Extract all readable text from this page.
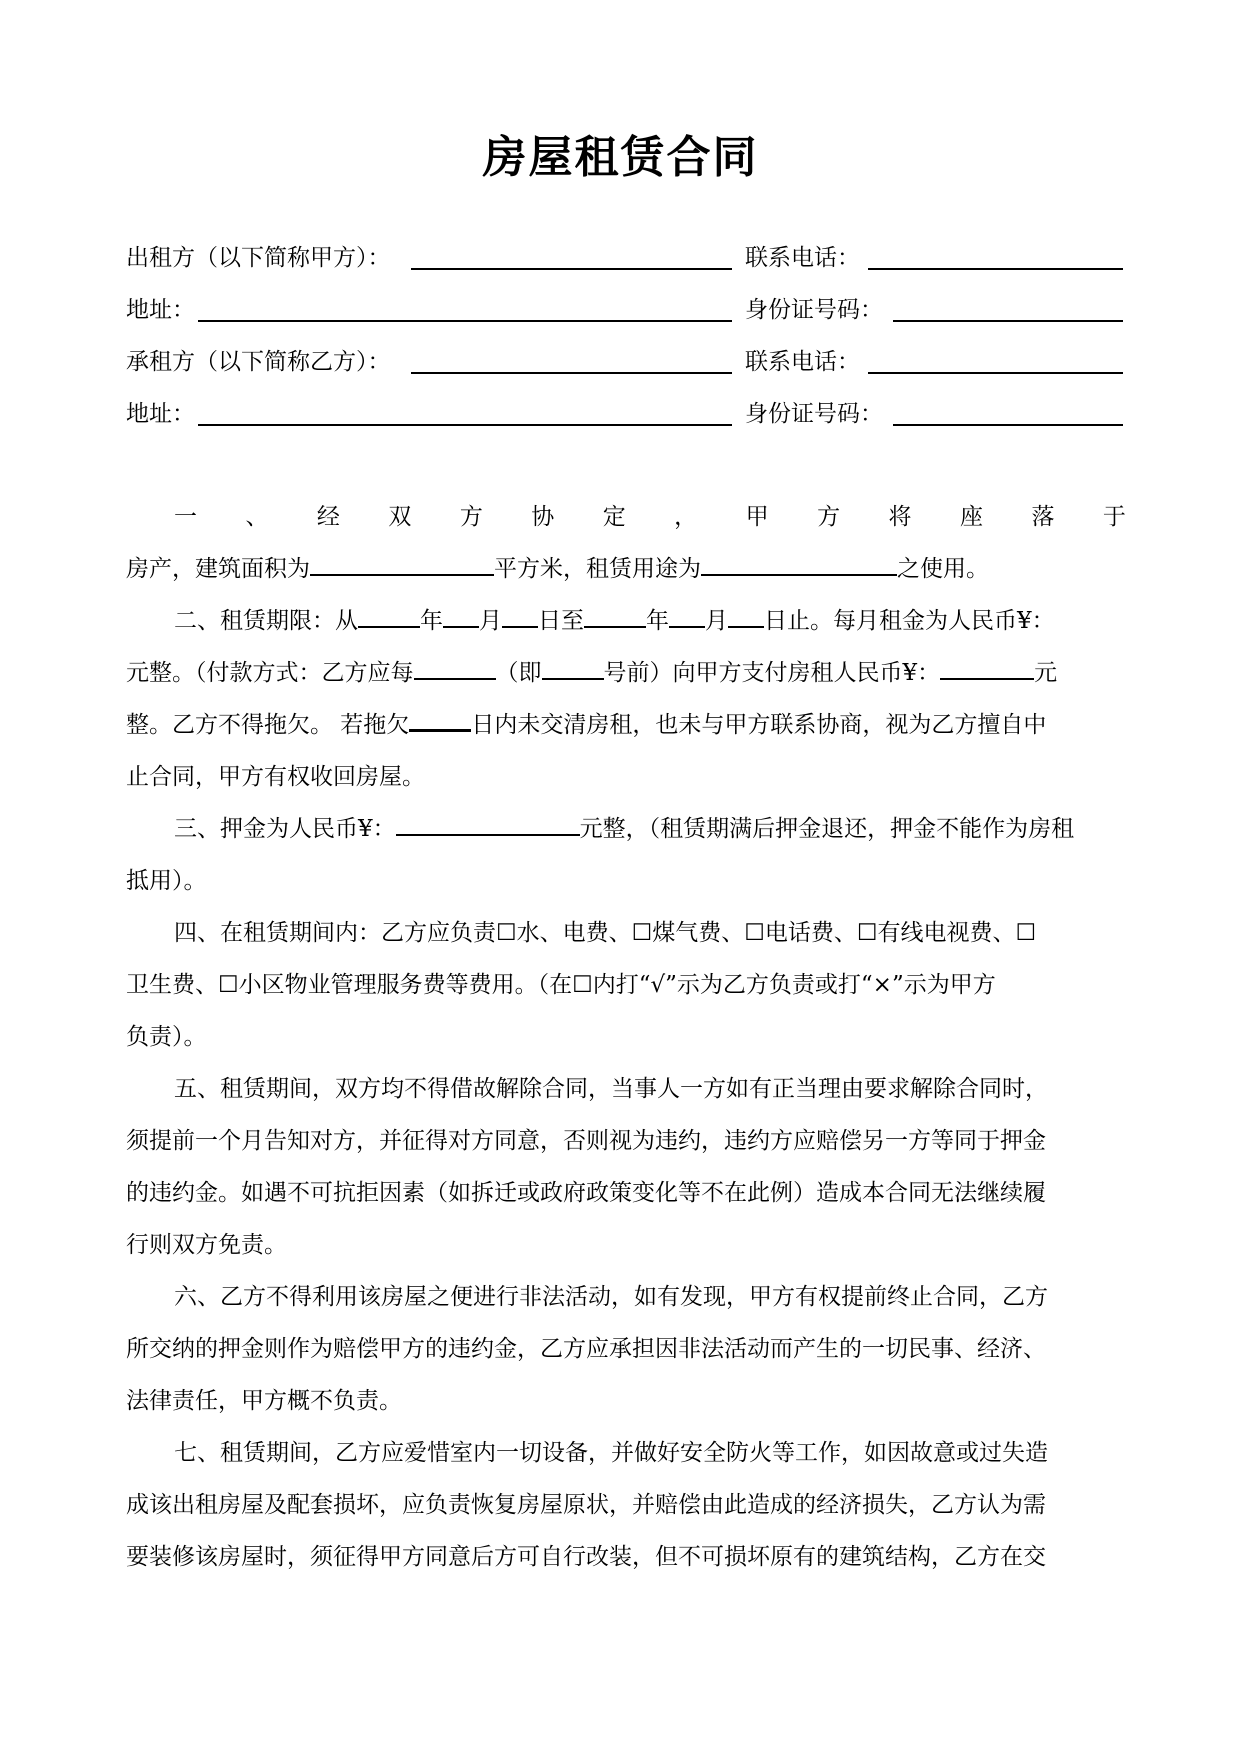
房屋租赁合同
出租方（以下简称甲方）：	联系电话：
地址：	身份证号码：
承租方（以下简称乙方）：	联系电话：
地址：	身份证号码：
一 、 经 双 方 协 定 ， 甲 方 将 座 落 于
房产，建筑面积为	平方米，租赁用途为	之使用。
二、租赁期限：从	年 月 日至	年 月 日止。每月租金为人民币¥：
元整。（付款方式：乙方应每	（即	号前）向甲方支付房租人民币¥：	元
整。乙方不得拖欠。 若拖欠	日内未交清房租，也未与甲方联系协商，视为乙方擅自中
止合同，甲方有权收回房屋。
三、押金为人民币¥：	元整，（租赁期满后押金退还，押金不能作为房租
抵用）。
四、在租赁期间内：乙方应负责☐水、电费、☐煤气费、☐电话费、☐有线电视费、☐
卫生费、☐小区物业管理服务费等费用。（在☐内打“√”示为乙方负责或打“×”示为甲方
负责）。
五、租赁期间，双方均不得借故解除合同，当事人一方如有正当理由要求解除合同时，
须提前一个月告知对方，并征得对方同意，否则视为违约，违约方应赔偿另一方等同于押金
的违约金。如遇不可抗拒因素（如拆迁或政府政策变化等不在此例）造成本合同无法继续履
行则双方免责。
六、乙方不得利用该房屋之便进行非法活动，如有发现，甲方有权提前终止合同，乙方
所交纳的押金则作为赔偿甲方的违约金，乙方应承担因非法活动而产生的一切民事、经济、
法律责任，甲方概不负责。
七、租赁期间，乙方应爱惜室内一切设备，并做好安全防火等工作，如因故意或过失造
成该出租房屋及配套损坏，应负责恢复房屋原状，并赔偿由此造成的经济损失，乙方认为需
要装修该房屋时，须征得甲方同意后方可自行改装，但不可损坏原有的建筑结构，乙方在交
